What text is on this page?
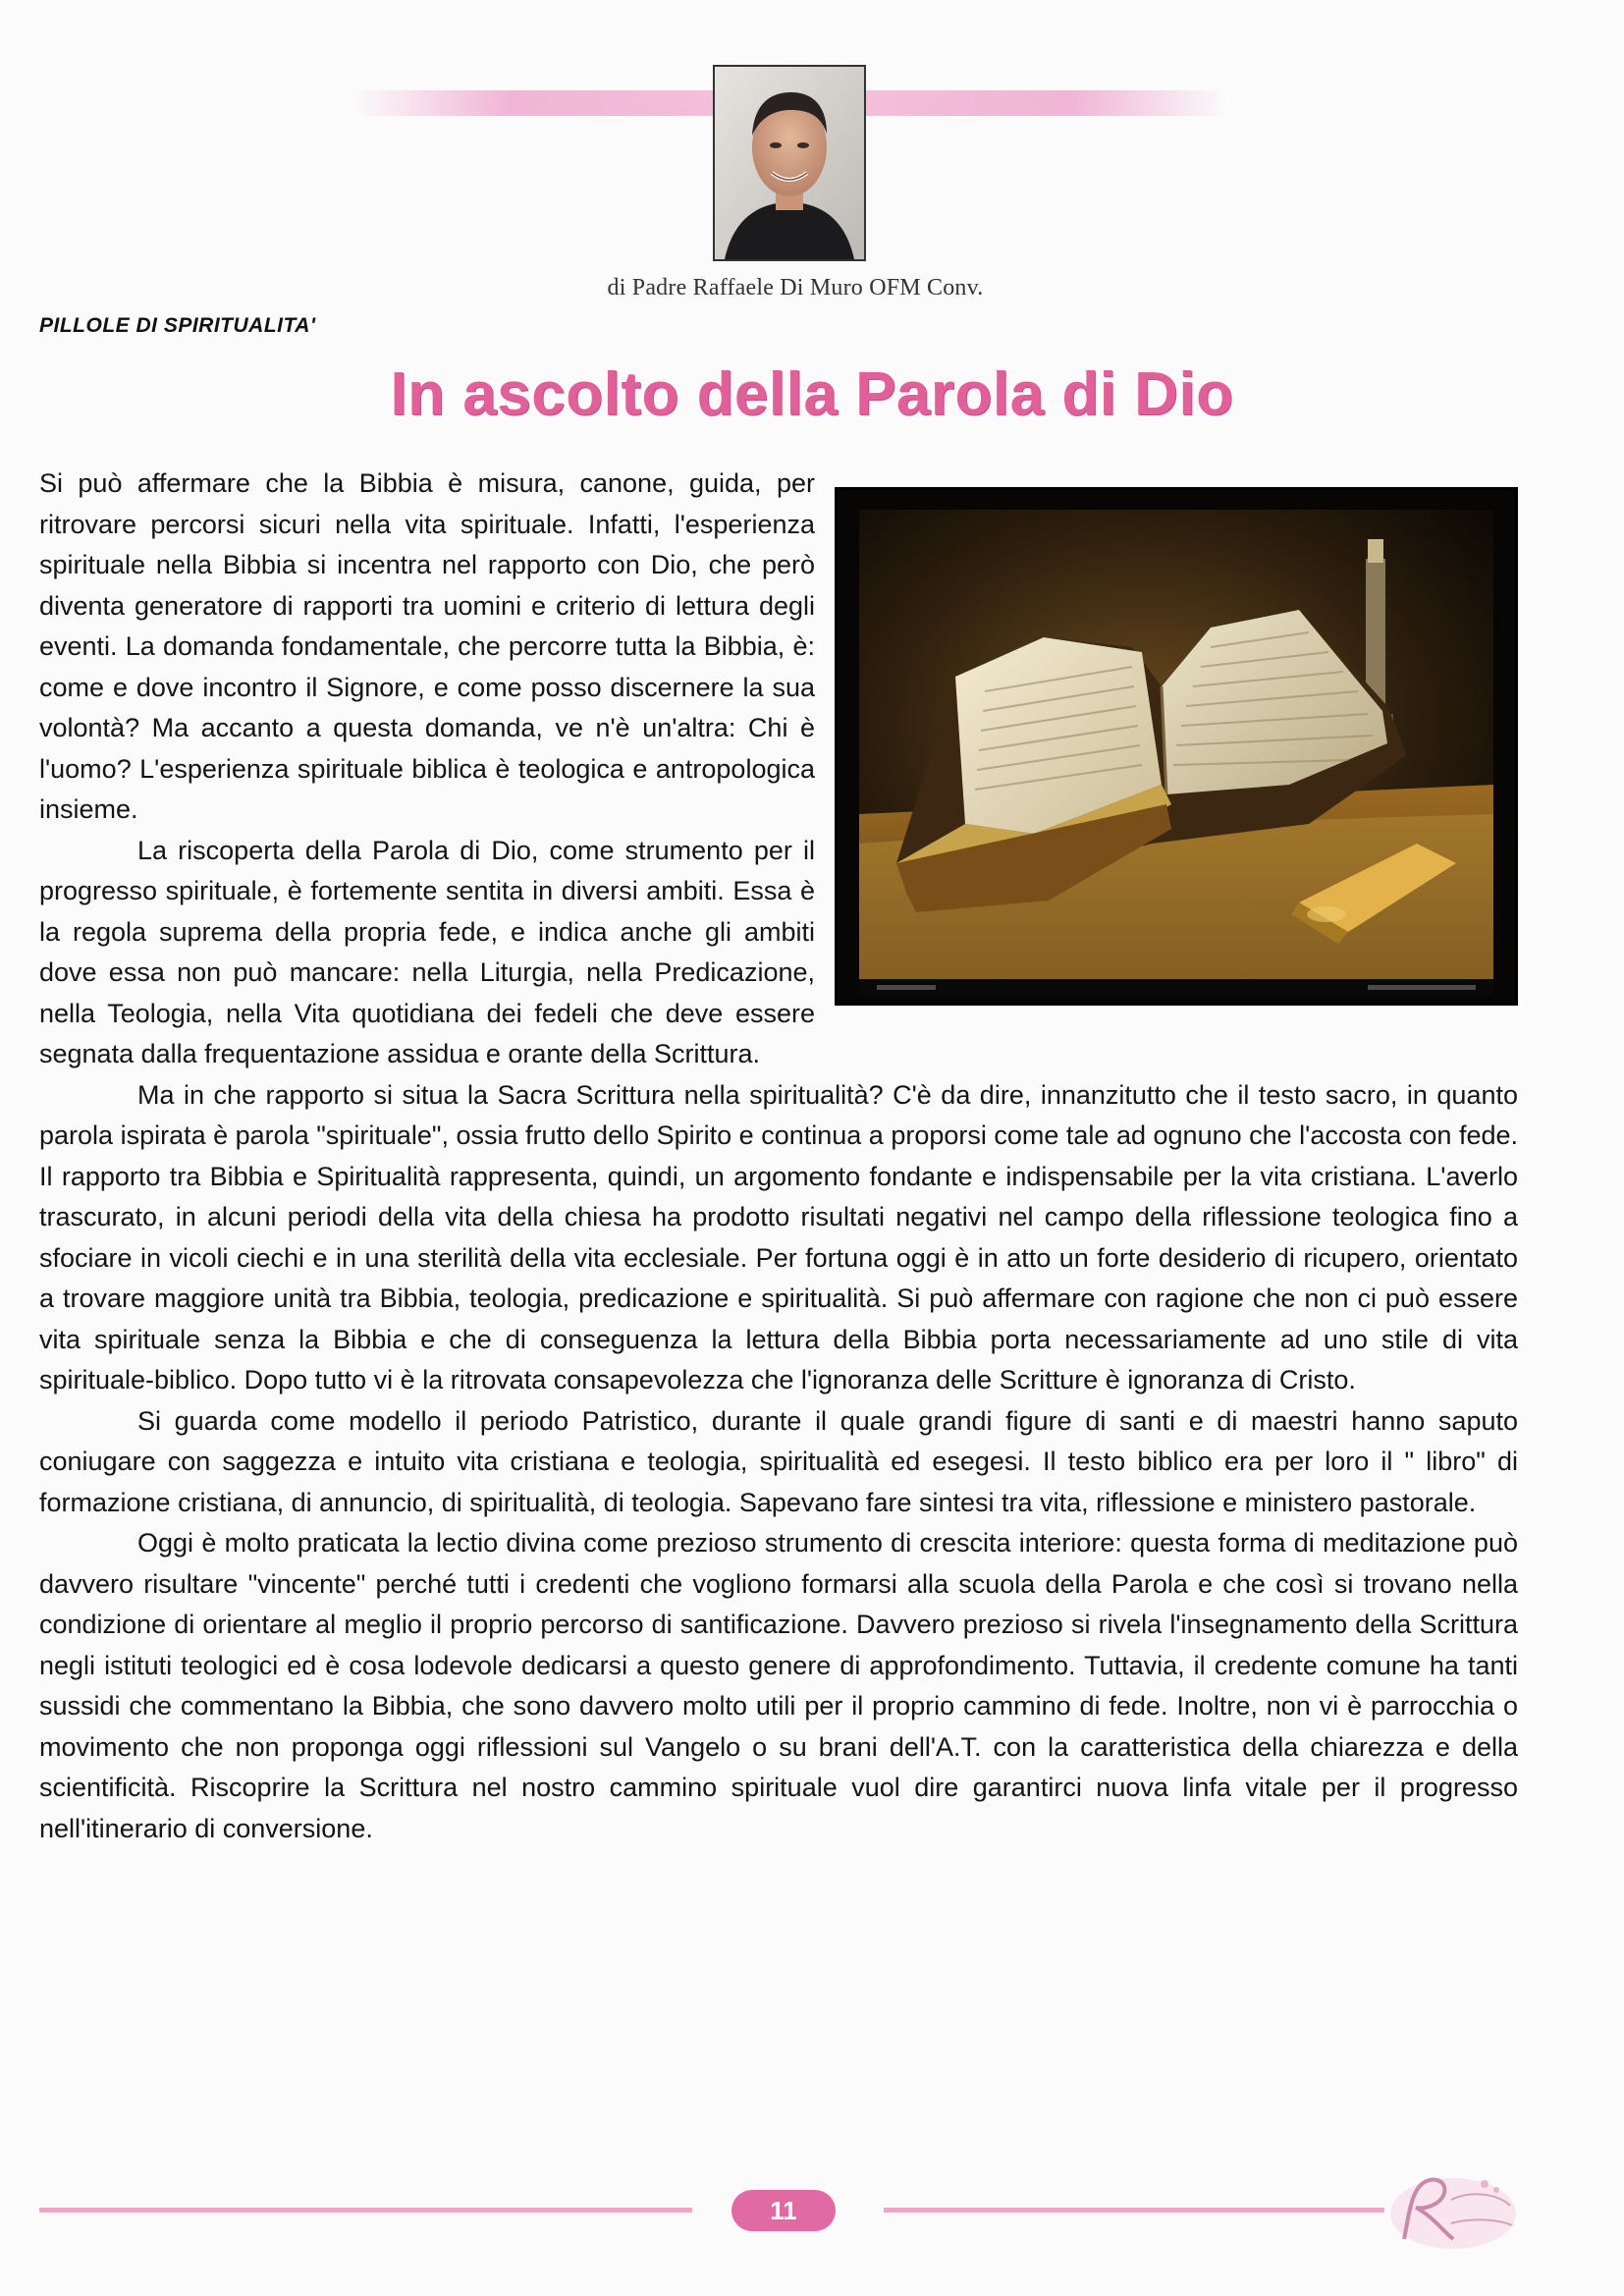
di Padre Raffaele Di Muro OFM Conv.
PILLOLE DI SPIRITUALITA'
In ascolto della Parola di Dio

Si può affermare che la Bibbia è misura, canone, guida, per ritrovare percorsi sicuri nella vita spirituale. Infatti, l'esperienza spirituale nella Bibbia si incentra nel rapporto con Dio, che però diventa generatore di rapporti tra uomini e criterio di lettura degli eventi. La domanda fondamentale, che percorre tutta la Bibbia, è: come e dove incontro il Signore, e come posso discernere la sua volontà? Ma accanto a questa domanda, ve n'è un'altra: Chi è l'uomo? L'esperienza spirituale biblica è teologica e antropologica insieme.

La riscoperta della Parola di Dio, come strumento per il progresso spirituale, è fortemente sentita in diversi ambiti. Essa è la regola suprema della propria fede, e indica anche gli ambiti dove essa non può mancare: nella Liturgia, nella Predicazione, nella Teologia, nella Vita quotidiana dei fedeli che deve essere segnata dalla frequentazione assidua e orante della Scrittura.

Ma in che rapporto si situa la Sacra Scrittura nella spiritualità? C'è da dire, innanzitutto che il testo sacro, in quanto parola ispirata è parola "spirituale", ossia frutto dello Spirito e continua a proporsi come tale ad ognuno che l'accosta con fede. Il rapporto tra Bibbia e Spiritualità rappresenta, quindi, un argomento fondante e indispensabile per la vita cristiana. L'averlo trascurato, in alcuni periodi della vita della chiesa ha prodotto risultati negativi nel campo della riflessione teologica fino a sfociare in vicoli ciechi e in una sterilità della vita ecclesiale. Per fortuna oggi è in atto un forte desiderio di ricupero, orientato a trovare maggiore unità tra Bibbia, teologia, predicazione e spiritualità. Si può affermare con ragione che non ci può essere vita spirituale senza la Bibbia e che di conseguenza la lettura della Bibbia porta necessariamente ad uno stile di vita spirituale-biblico. Dopo tutto vi è la ritrovata consapevolezza che l'ignoranza delle Scritture è ignoranza di Cristo.

Si guarda come modello il periodo Patristico, durante il quale grandi figure di santi e di maestri hanno saputo coniugare con saggezza e intuito vita cristiana e teologia, spiritualità ed esegesi. Il testo biblico era per loro il " libro" di formazione cristiana, di annuncio, di spiritualità, di teologia. Sapevano fare sintesi tra vita, riflessione e ministero pastorale.

Oggi è molto praticata la lectio divina come prezioso strumento di crescita interiore: questa forma di meditazione può davvero risultare "vincente" perché tutti i credenti che vogliono formarsi alla scuola della Parola e che così si trovano nella condizione di orientare al meglio il proprio percorso di santificazione. Davvero prezioso si rivela l'insegnamento della Scrittura negli istituti teologici ed è cosa lodevole dedicarsi a questo genere di approfondimento. Tuttavia, il credente comune ha tanti sussidi che commentano la Bibbia, che sono davvero molto utili per il proprio cammino di fede. Inoltre, non vi è parrocchia o movimento che non proponga oggi riflessioni sul Vangelo o su brani dell'A.T. con la caratteristica della chiarezza e della scientificità. Riscoprire la Scrittura nel nostro cammino spirituale vuol dire garantirci nuova linfa vitale per il progresso nell'itinerario di conversione.

11
